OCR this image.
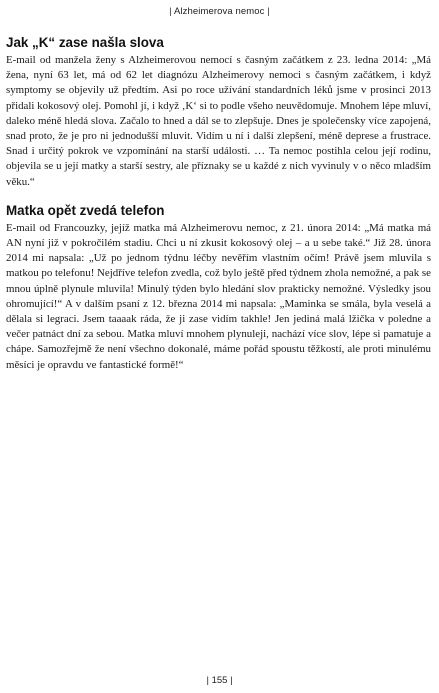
| Alzheimerova nemoc |
Jak „K“ zase našla slova

E-mail od manžela ženy s Alzheimerovou nemocí s časným začátkem z 23. ledna 2014: „Má žena, nyní 63 let, má od 62 let diagnózu Alzheimerovy nemoci s časným začátkem, i když symptomy se objevily už předtím. Asi po roce užívání standardních léků jsme v prosinci 2013 přidali kokosový olej. Pomohl jí, i když ‚K‘ si to podle všeho neuvědomuje. Mnohem lépe mluví, daleko méně hledá slova. Začalo to hned a dál se to zlepšuje. Dnes je společensky více zapojená, snad proto, že je pro ni jednodušší mluvit. Vidím u ní i další zlepšení, méně deprese a frustrace. Snad i určitý pokrok ve vzpomínání na starší události. … Ta nemoc postihla celou její rodinu, objevila se u její matky a starší sestry, ale příznaky se u každé z nich vyvinuly v o něco mladším věku.“

Matka opět zvedá telefon

E-mail od Francouzky, jejíž matka má Alzheimerovu nemoc, z 21. února 2014: „Má matka má AN nyní již v pokročilém stadiu. Chci u ní zkusit kokosový olej – a u sebe také.“ Již 28. února 2014 mi napsala: „Už po jednom týdnu léčby nevěřím vlastním očím! Právě jsem mluvila s matkou po telefonu! Nejdříve telefon zvedla, což bylo ještě před týdnem zhola nemožné, a pak se mnou úplně plynule mluvila! Minulý týden bylo hledání slov prakticky nemožné. Výsledky jsou ohromující!“ A v dalším psaní z 12. března 2014 mi napsala: „Maminka se smála, byla veselá a dělala si legraci. Jsem taaaak ráda, že ji zase vidím takhle! Jen jediná malá lžička v poledne a večer patnáct dní za sebou. Matka mluví mnohem plynuleji, nachází více slov, lépe si pamatuje a chápe. Samozřejmě že není všechno dokonalé, máme pořád spoustu těžkostí, ale proti minulému měsíci je opravdu ve fantastické formě!“

| 155 |
